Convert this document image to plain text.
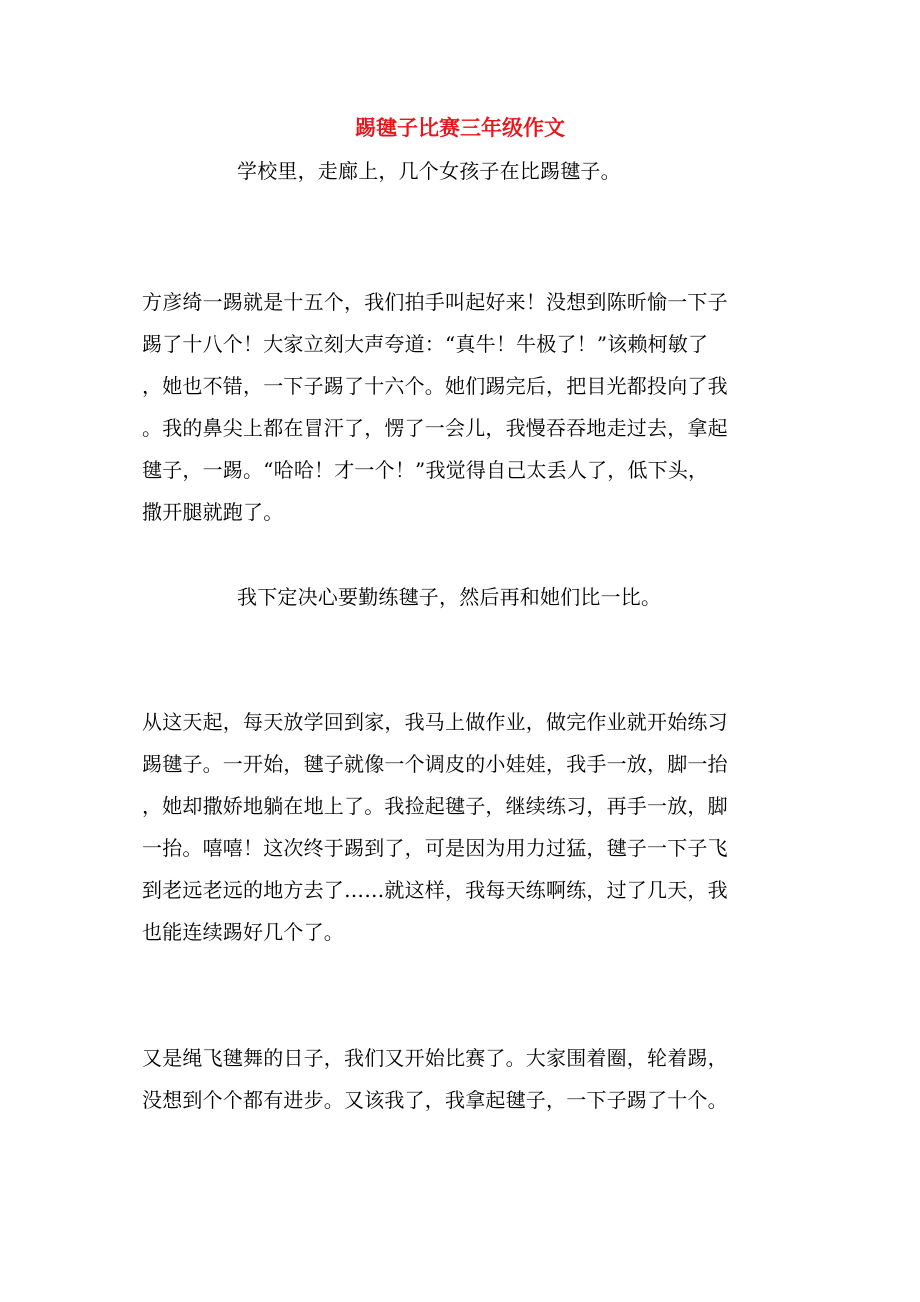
踢毽子比赛三年级作文

学校里，走廊上，几个女孩子在比踢毽子。

方彦绮一踢就是十五个，我们拍手叫起好来！没想到陈昕愉一下子
踢了十八个！大家立刻大声夸道：“真牛！牛极了！”该赖柯敏了
，她也不错，一下子踢了十六个。她们踢完后，把目光都投向了我
。我的鼻尖上都在冒汗了，愣了一会儿，我慢吞吞地走过去，拿起
毽子，一踢。“哈哈！才一个！”我觉得自己太丢人了，低下头，
撒开腿就跑了。

我下定决心要勤练毽子，然后再和她们比一比。

从这天起，每天放学回到家，我马上做作业，做完作业就开始练习
踢毽子。一开始，毽子就像一个调皮的小娃娃，我手一放，脚一抬
，她却撒娇地躺在地上了。我捡起毽子，继续练习，再手一放，脚
一抬。嘻嘻！这次终于踢到了，可是因为用力过猛，毽子一下子飞
到老远老远的地方去了……就这样，我每天练啊练，过了几天，我
也能连续踢好几个了。
又是绳飞毽舞的日子，我们又开始比赛了。大家围着圈，轮着踢，
没想到个个都有进步。又该我了，我拿起毽子，一下子踢了十个。
